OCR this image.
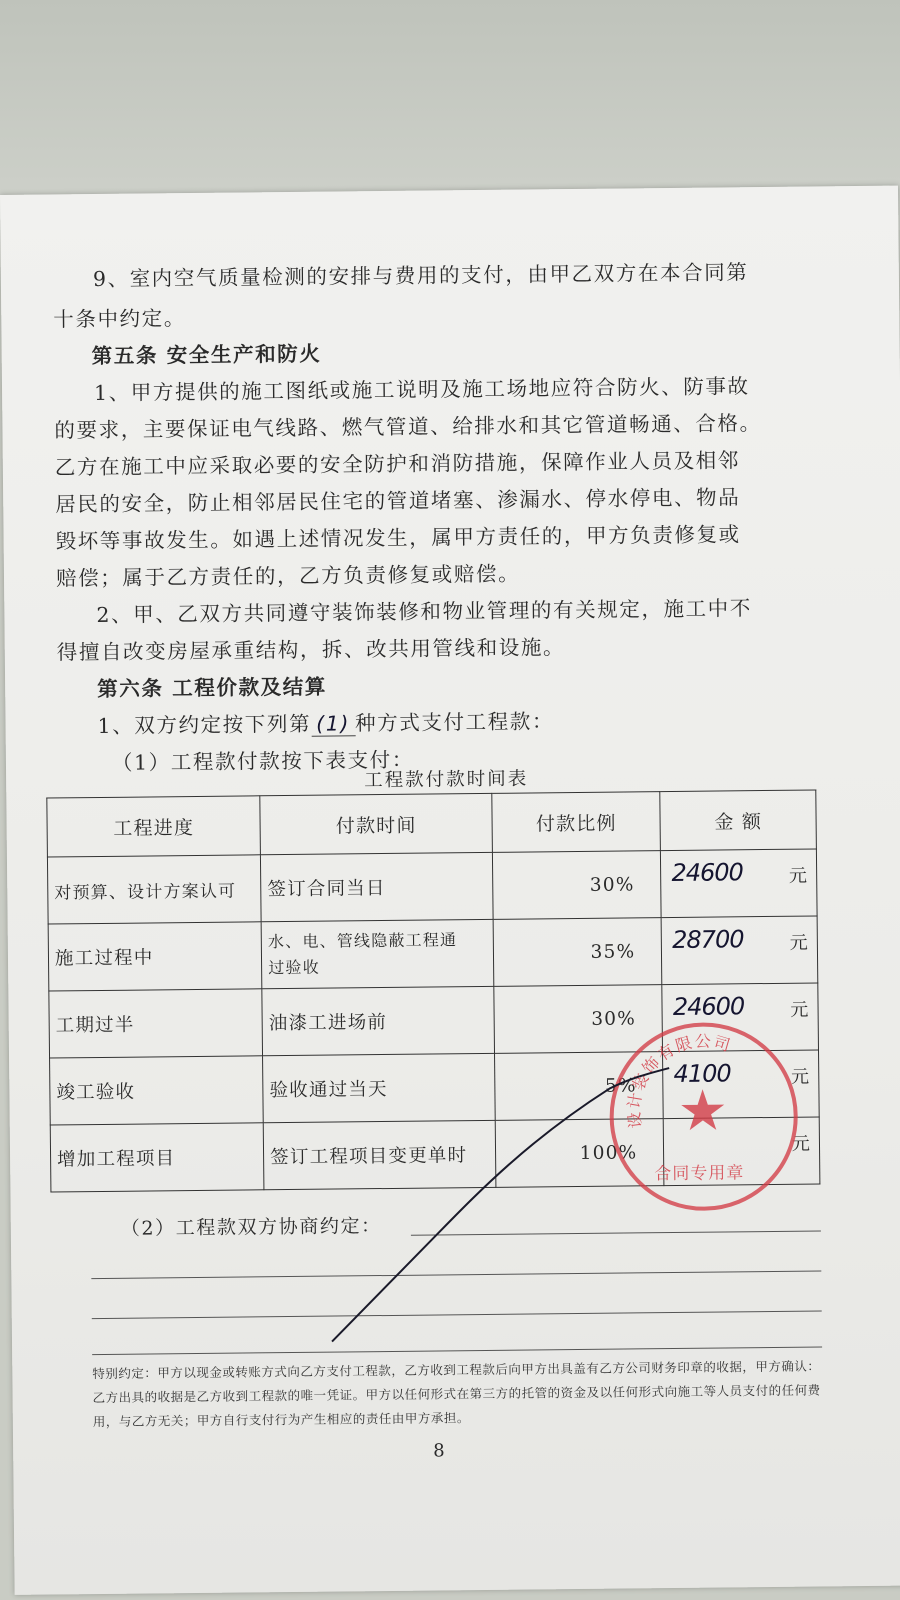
9、室内空气质量检测的安排与费用的支付，由甲乙双方在本合同第
十条中约定。
第五条 安全生产和防火
1、甲方提供的施工图纸或施工说明及施工场地应符合防火、防事故
的要求，主要保证电气线路、燃气管道、给排水和其它管道畅通、合格。
乙方在施工中应采取必要的安全防护和消防措施，保障作业人员及相邻
居民的安全，防止相邻居民住宅的管道堵塞、渗漏水、停水停电、物品
毁坏等事故发生。如遇上述情况发生，属甲方责任的，甲方负责修复或
赔偿；属于乙方责任的，乙方负责修复或赔偿。
2、甲、乙双方共同遵守装饰装修和物业管理的有关规定，施工中不
得擅自改变房屋承重结构，拆、改共用管线和设施。
第六条 工程价款及结算
1、双方约定按下列第 (1) 种方式支付工程款：
（1）工程款付款按下表支付：
工程款付款时间表
工程进度	付款时间	付款比例	金 额
对预算、设计方案认可	签订合同当日	30%	24600 元

施工过程中	水、电、管线隐蔽工程通过验收	35%	28700 元

工期过半	油漆工进场前	30%	24600 元

竣工验收	验收通过当天	5%	4100 元

增加工程项目	签订工程项目变更单时	100%	元
（2）工程款双方协商约定：
特别约定：甲方以现金或转账方式向乙方支付工程款，乙方收到工程款后向甲方出具盖有乙方公司财务印章的收据，甲方确认：乙方出具的收据是乙方收到工程款的唯一凭证。甲方以任何形式在第三方的托管的资金及以任何形式向施工等人员支付的任何费用，与乙方无关；甲方自行支付行为产生相应的责任由甲方承担。
8
设计装饰有限公司
★
合同专用章
